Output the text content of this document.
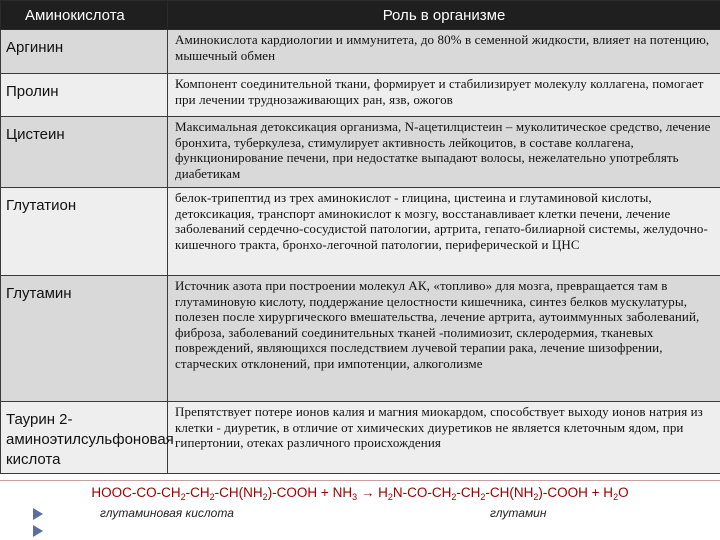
Аминокислота	Роль в организме
Аргинин	Аминокислота кардиологии и иммунитета, до 80% в семенной жидкости, влияет на потенцию, мышечный обмен
Пролин	Компонент соединительной ткани, формирует и стабилизирует молекулу коллагена, помогает при лечении труднозаживающих ран, язв, ожогов
Цистеин	Максимальная детоксикация организма, N-ацетилцистеин – муколитическое средство, лечение бронхита, туберкулеза, стимулирует активность лейкоцитов, в составе коллагена, функционирование печени, при недостатке выпадают волосы, нежелательно употреблять диабетикам
Глутатион	белок-трипептид из трех аминокислот - глицина, цистеина и глутаминовой кислоты, детоксикация, транспорт аминокислот к мозгу, восстанавливает клетки печени, лечение заболеваний сердечно-сосудистой патологии, артрита, гепато-билиарной системы, желудочно-кишечного тракта, бронхо-легочной патологии, периферической и ЦНС
Глутамин	Источник азота при построении молекул АК, «топливо» для мозга, превращается там в глутаминовую кислоту, поддержание целостности кишечника, синтез белков мускулатуры, полезен после хирургического вмешательства, лечение артрита, аутоиммунных заболеваний, фиброза, заболеваний соединительных тканей -полимиозит, склеродермия, тканевых повреждений, являющихся последствием лучевой терапии рака, лечение шизофрении, старческих отклонений, при импотенции, алкоголизме
Таурин 2-аминоэтилсульфоновая кислота	Препятствует потере ионов калия и магния миокардом, способствует выходу ионов натрия из клетки - диуретик, в отличие от химических диуретиков не является клеточным ядом, при гипертонии, отеках различного происхождения
HOOC-$CO-CH_2-CH_2-CH(NH_2)$-COOH + $NH_3$ → $H_2N-CO-CH_2-CH_2-CH(NH_2)$-COOH + $H_2O$
глутаминовая кислота	глутамин
